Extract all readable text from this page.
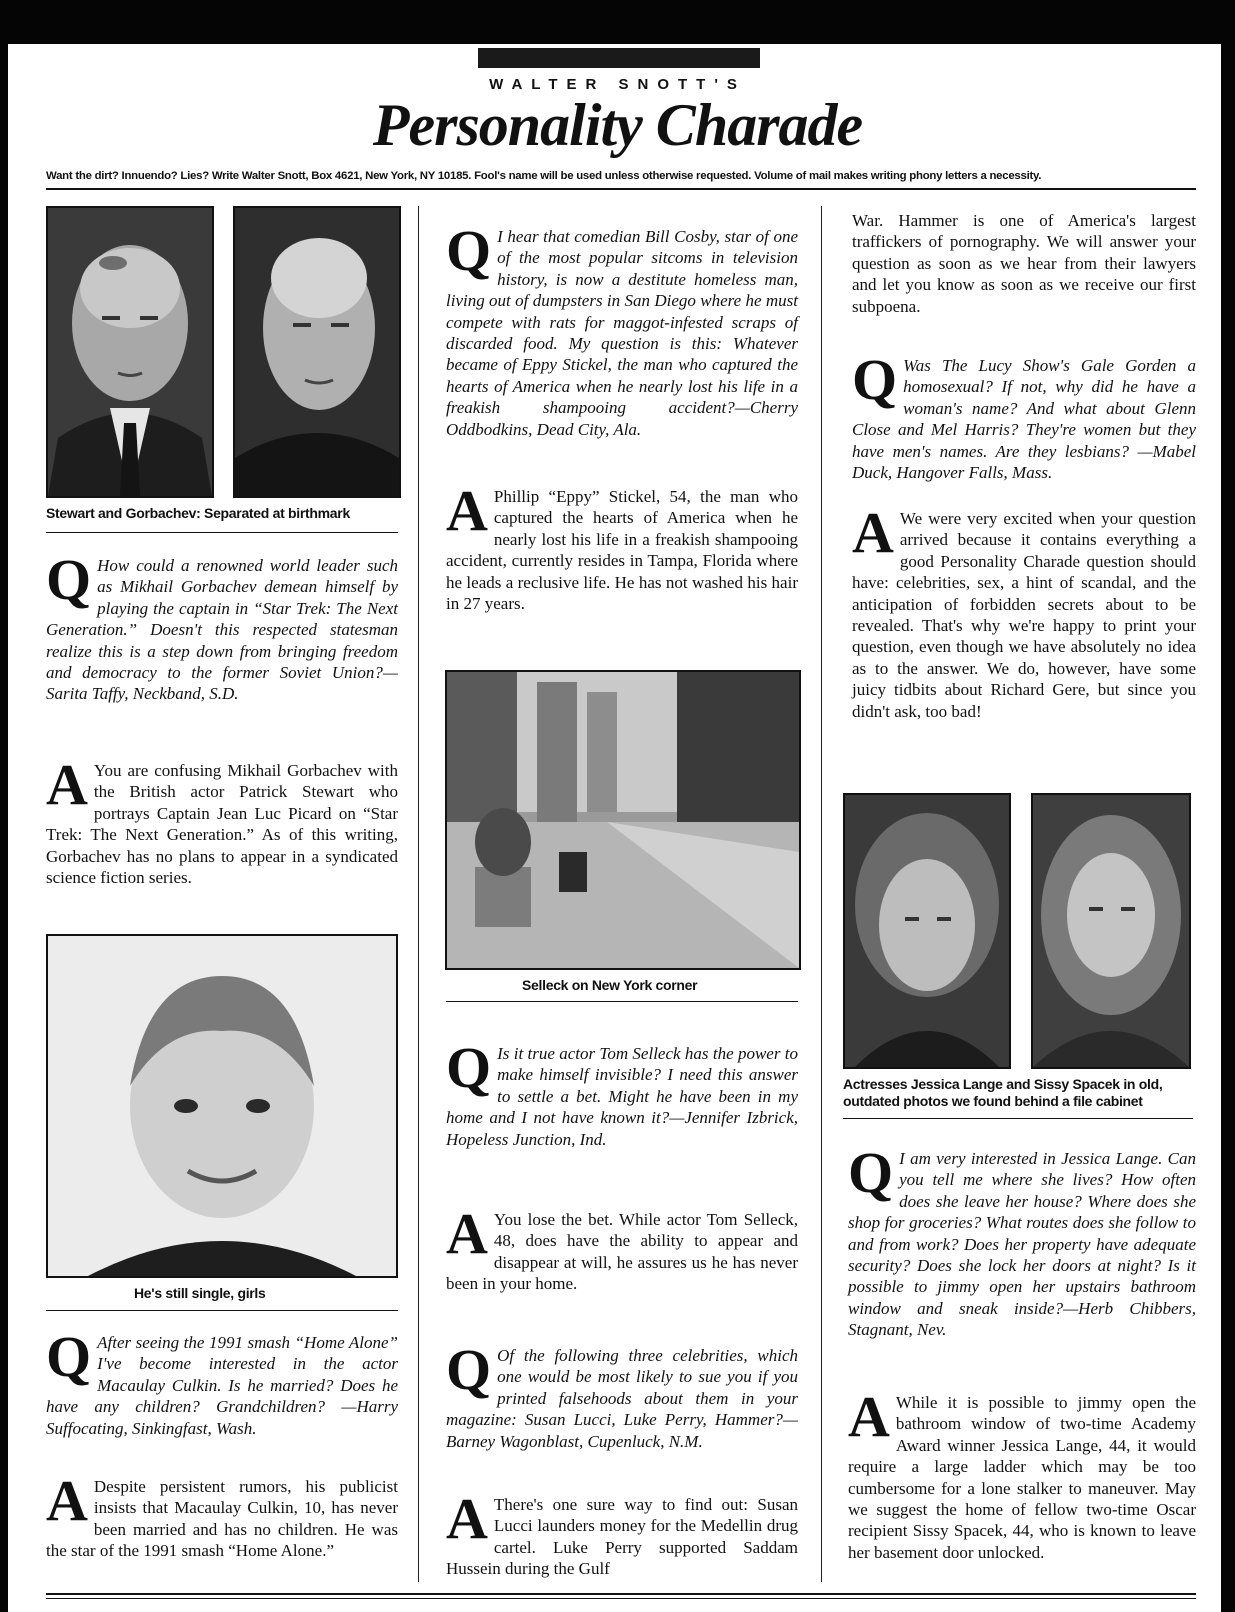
WALTER SNOTT'S
Personality Charade
Want the dirt? Innuendo? Lies? Write Walter Snott, Box 4621, New York, NY 10185. Fool's name will be used unless otherwise requested. Volume of mail makes writing phony letters a necessity.
Stewart and Gorbachev: Separated at birthmark
Q How could a renowned world leader such as Mikhail Gorbachev demean himself by playing the captain in “Star Trek: The Next Generation.” Doesn't this respected statesman realize this is a step down from bringing freedom and democracy to the former Soviet Union?—Sarita Taffy, Neckband, S.D.
A You are confusing Mikhail Gorbachev with the British actor Patrick Stewart who portrays Captain Jean Luc Picard on “Star Trek: The Next Generation.” As of this writing, Gorbachev has no plans to appear in a syndicated science fiction series.
He's still single, girls
Q After seeing the 1991 smash “Home Alone” I've become interested in the actor Macaulay Culkin. Is he married? Does he have any children? Grandchildren? —Harry Suffocating, Sinkingfast, Wash.
A Despite persistent rumors, his publicist insists that Macaulay Culkin, 10, has never been married and has no children. He was the star of the 1991 smash “Home Alone.”
Q I hear that comedian Bill Cosby, star of one of the most popular sitcoms in television history, is now a destitute homeless man, living out of dumpsters in San Diego where he must compete with rats for maggot-infested scraps of discarded food. My question is this: Whatever became of Eppy Stickel, the man who captured the hearts of America when he nearly lost his life in a freakish shampooing accident?—Cherry Oddbodkins, Dead City, Ala.
A Phillip “Eppy” Stickel, 54, the man who captured the hearts of America when he nearly lost his life in a freakish shampooing accident, currently resides in Tampa, Florida where he leads a reclusive life. He has not washed his hair in 27 years.
Selleck on New York corner
Q Is it true actor Tom Selleck has the power to make himself invisible? I need this answer to settle a bet. Might he have been in my home and I not have known it?—Jennifer Izbrick, Hopeless Junction, Ind.
A You lose the bet. While actor Tom Selleck, 48, does have the ability to appear and disappear at will, he assures us he has never been in your home.
Q Of the following three celebrities, which one would be most likely to sue you if you printed falsehoods about them in your magazine: Susan Lucci, Luke Perry, Hammer?—Barney Wagonblast, Cupenluck, N.M.
A There's one sure way to find out: Susan Lucci launders money for the Medellin drug cartel. Luke Perry supported Saddam Hussein during the Gulf
War. Hammer is one of America's largest traffickers of pornography. We will answer your question as soon as we hear from their lawyers and let you know as soon as we receive our first subpoena.
Q Was The Lucy Show's Gale Gorden a homosexual? If not, why did he have a woman's name? And what about Glenn Close and Mel Harris? They're women but they have men's names. Are they lesbians? —Mabel Duck, Hangover Falls, Mass.
A We were very excited when your question arrived because it contains everything a good Personality Charade question should have: celebrities, sex, a hint of scandal, and the anticipation of forbidden secrets about to be revealed. That's why we're happy to print your question, even though we have absolutely no idea as to the answer. We do, however, have some juicy tidbits about Richard Gere, but since you didn't ask, too bad!
Actresses Jessica Lange and Sissy Spacek in old,
outdated photos we found behind a file cabinet
Q I am very interested in Jessica Lange. Can you tell me where she lives? How often does she leave her house? Where does she shop for groceries? What routes does she follow to and from work? Does her property have adequate security? Does she lock her doors at night? Is it possible to jimmy open her upstairs bathroom window and sneak inside?—Herb Chibbers, Stagnant, Nev.
A While it is possible to jimmy open the bathroom window of two-time Academy Award winner Jessica Lange, 44, it would require a large ladder which may be too cumbersome for a lone stalker to maneuver. May we suggest the home of fellow two-time Oscar recipient Sissy Spacek, 44, who is known to leave her basement door unlocked.
